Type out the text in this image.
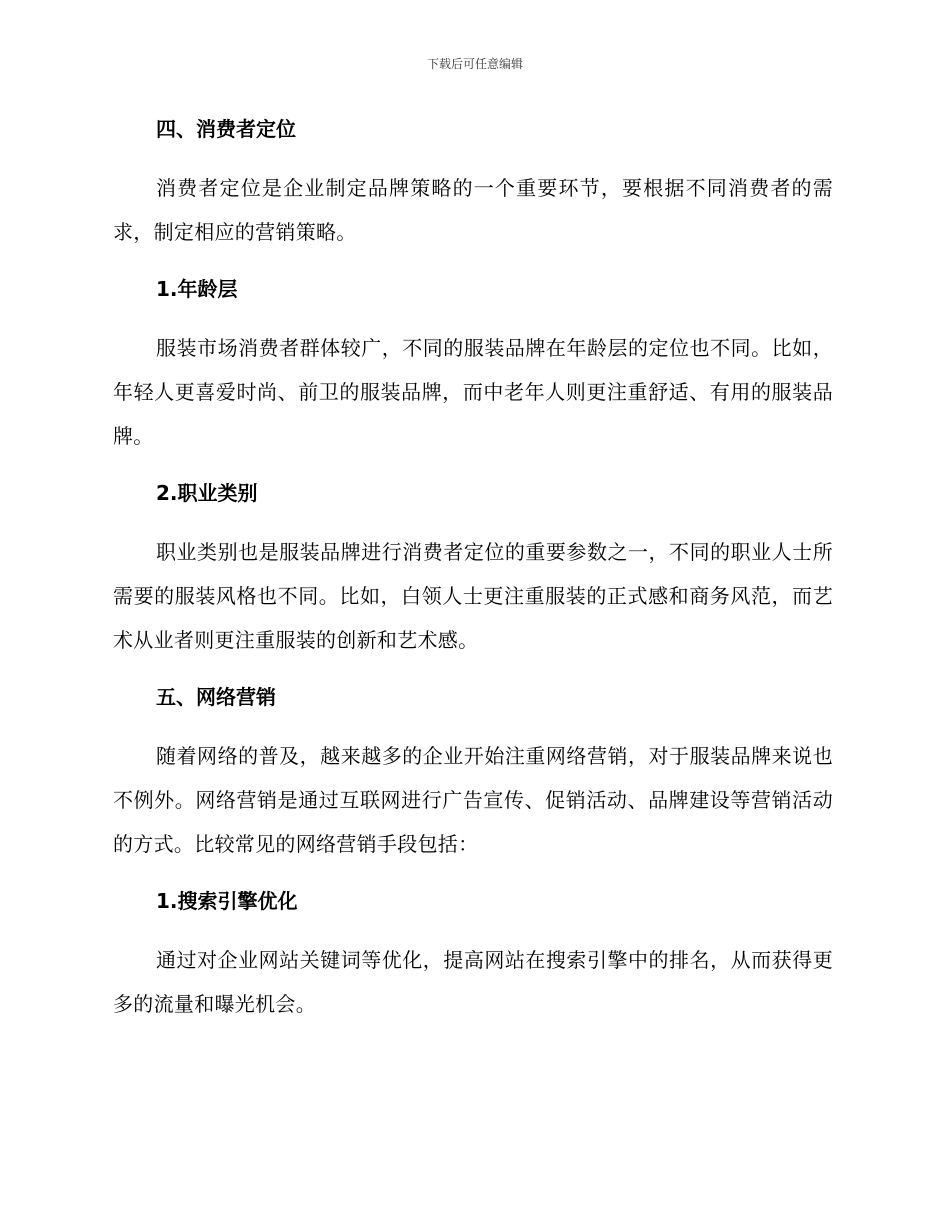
下载后可任意编辑
四、消费者定位

消费者定位是企业制定品牌策略的一个重要环节，要根据不同消费者的需求，制定相应的营销策略。

1.年龄层

服装市场消费者群体较广，不同的服装品牌在年龄层的定位也不同。比如，年轻人更喜爱时尚、前卫的服装品牌，而中老年人则更注重舒适、有用的服装品牌。

2.职业类别

职业类别也是服装品牌进行消费者定位的重要参数之一，不同的职业人士所需要的服装风格也不同。比如，白领人士更注重服装的正式感和商务风范，而艺术从业者则更注重服装的创新和艺术感。

五、网络营销

随着网络的普及，越来越多的企业开始注重网络营销，对于服装品牌来说也不例外。网络营销是通过互联网进行广告宣传、促销活动、品牌建设等营销活动的方式。比较常见的网络营销手段包括：

1.搜索引擎优化

通过对企业网站关键词等优化，提高网站在搜索引擎中的排名，从而获得更多的流量和曝光机会。
